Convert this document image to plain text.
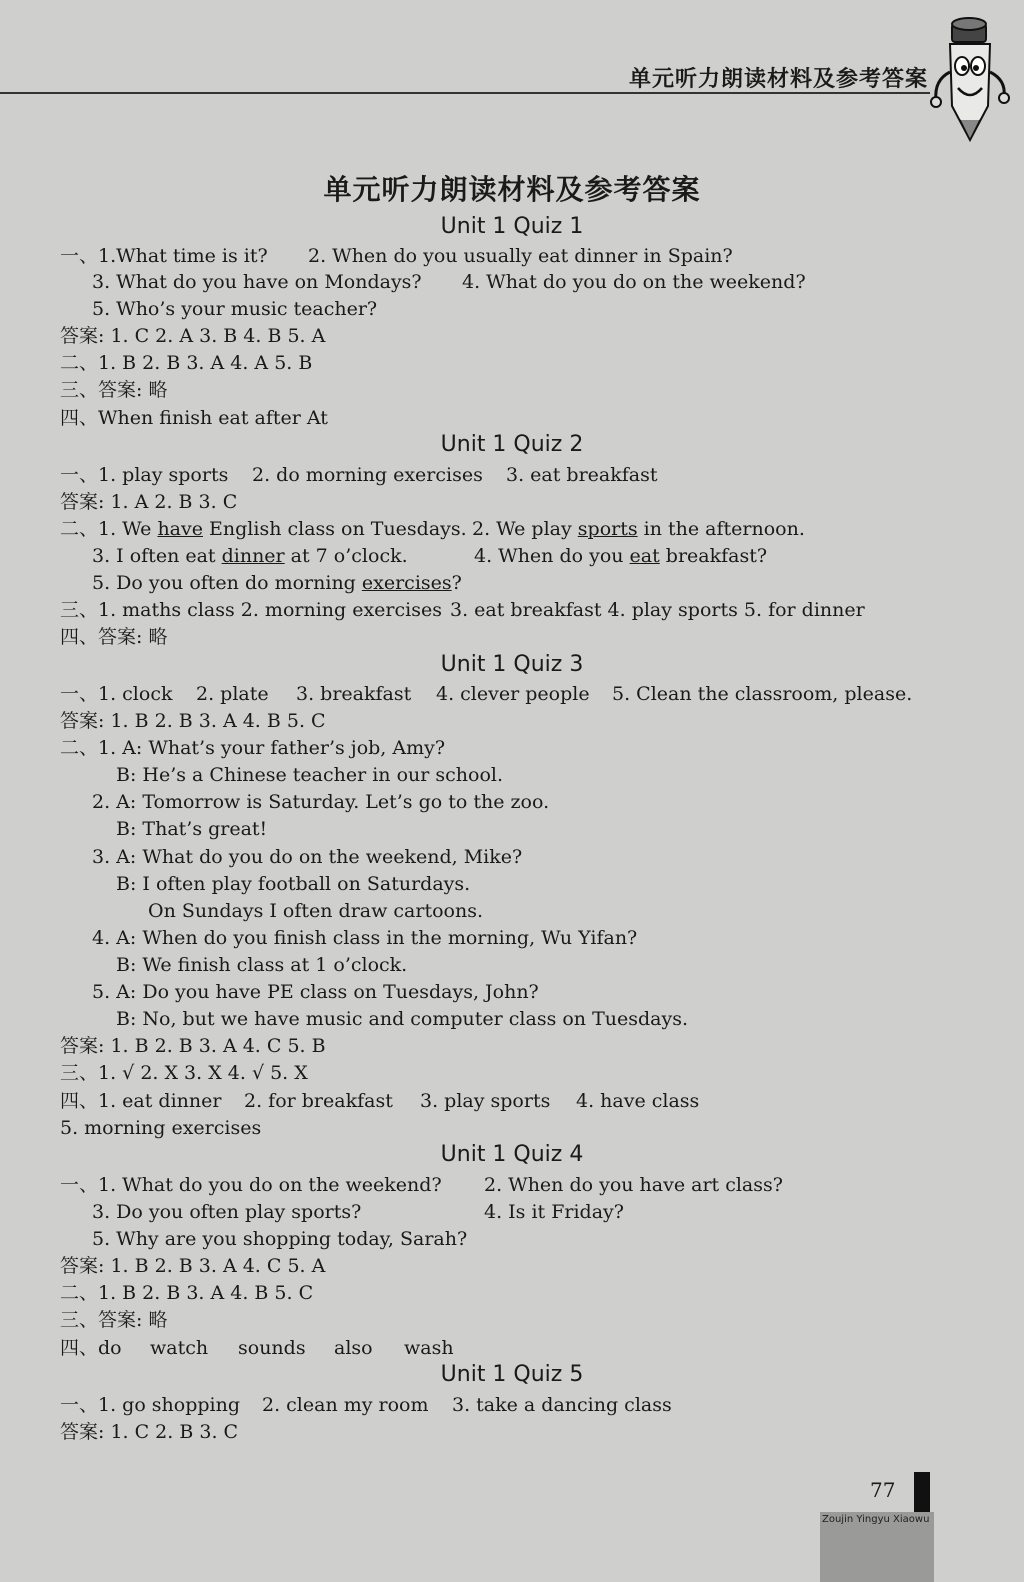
单元听力朗读材料及参考答案
单元听力朗读材料及参考答案
Unit 1 Quiz 1
一、1.What time is it? 2. When do you usually eat dinner in Spain?
3. What do you have on Mondays? 4. What do you do on the weekend?
5. Who’s your music teacher?
答案: 1. C 2. A 3. B 4. B 5. A
二、1. B 2. B 3. A 4. A 5. B
三、答案: 略
四、When finish eat after At
Unit 1 Quiz 2
一、1. play sports 2. do morning exercises 3. eat breakfast
答案: 1. A 2. B 3. C
二、1. We have English class on Tuesdays. 2. We play sports in the afternoon.
3. I often eat dinner at 7 o’clock.	4. When do you eat breakfast?
5. Do you often do morning exercises?
三、1. maths class 2. morning exercises 3. eat breakfast 4. play sports 5. for dinner
四、答案: 略
Unit 1 Quiz 3
一、1. clock 2. plate 3. breakfast 4. clever people 5. Clean the classroom, please.
答案: 1. B 2. B 3. A 4. B 5. C
二、1. A: What’s your father’s job, Amy?
B: He’s a Chinese teacher in our school.
2. A: Tomorrow is Saturday. Let’s go to the zoo.
B: That’s great!
3. A: What do you do on the weekend, Mike?
B: I often play football on Saturdays.
On Sundays I often draw cartoons.
4. A: When do you finish class in the morning, Wu Yifan?
B: We finish class at 1 o’clock.
5. A: Do you have PE class on Tuesdays, John?
B: No, but we have music and computer class on Tuesdays.
答案: 1. B 2. B 3. A 4. C 5. B
三、1. √ 2. X 3. X 4. √ 5. X
四、1. eat dinner 2. for breakfast 3. play sports 4. have class
5. morning exercises
Unit 1 Quiz 4
一、1. What do you do on the weekend? 2. When do you have art class?
3. Do you often play sports?	4. Is it Friday?
5. Why are you shopping today, Sarah?
答案: 1. B 2. B 3. A 4. C 5. A
二、1. B 2. B 3. A 4. B 5. C
三、答案: 略
四、do watch sounds also wash
Unit 1 Quiz 5
一、1. go shopping 2. clean my room 3. take a dancing class
答案: 1. C 2. B 3. C
77
Zoujin Yingyu Xiaowu
